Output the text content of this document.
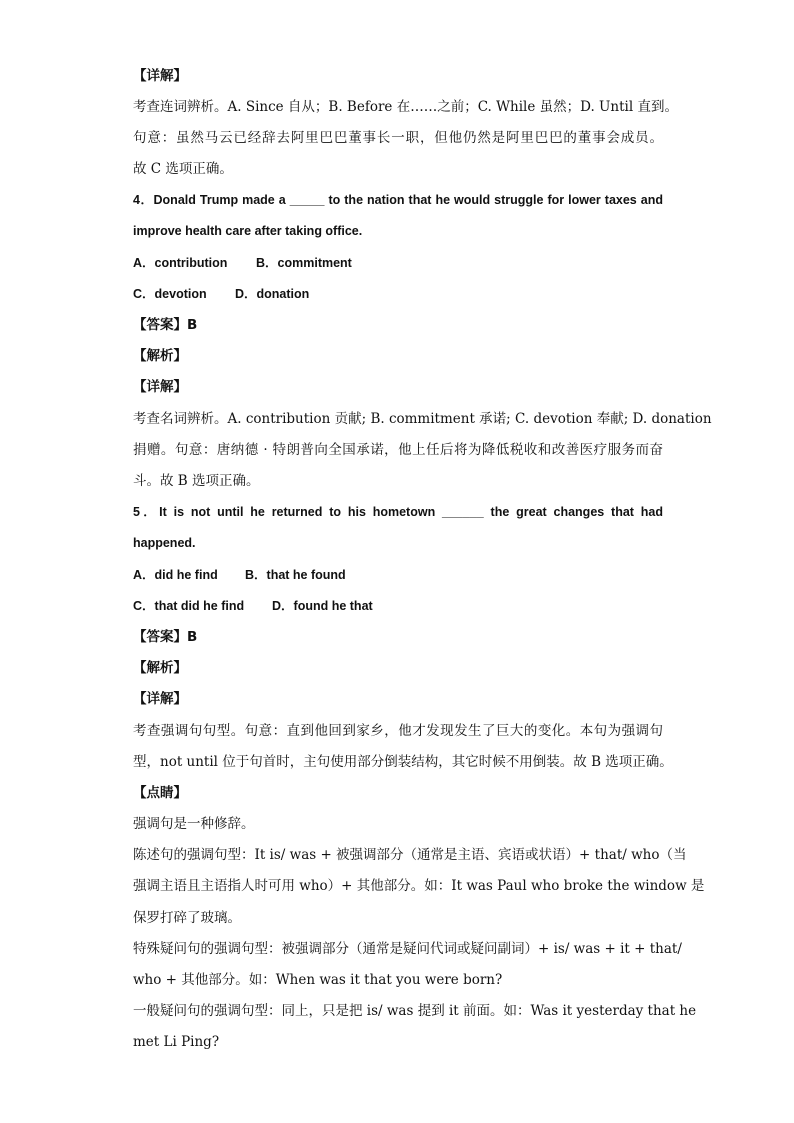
【详解】
考查连词辨析。A. Since 自从；B. Before 在……之前；C. While 虽然；D. Until 直到。
句意：虽然马云已经辞去阿里巴巴董事长一职，但他仍然是阿里巴巴的董事会成员。
故 C 选项正确。
4．Donald Trump made a _____ to the nation that he would struggle for lower taxes and
improve health care after taking office.
A．contribution B．commitment
C．devotion D．donation
【答案】B
【解析】
【详解】
考查名词辨析。A. contribution 贡献; B. commitment 承诺; C. devotion 奉献; D. donation
捐赠。句意：唐纳德 · 特朗普向全国承诺，他上任后将为降低税收和改善医疗服务而奋
斗。故 B 选项正确。
5．It is not until he returned to his hometown ______ the great changes that had
happened.
A．did he find B．that he found
C．that did he find D．found he that
【答案】B
【解析】
【详解】
考查强调句句型。句意：直到他回到家乡，他才发现发生了巨大的变化。本句为强调句
型，not until 位于句首时，主句使用部分倒装结构，其它时候不用倒装。故 B 选项正确。
【点睛】
强调句是一种修辞。
陈述句的强调句型：It is/ was + 被强调部分（通常是主语、宾语或状语）+ that/ who（当
强调主语且主语指人时可用 who）+ 其他部分。如：It was Paul who broke the window 是
保罗打碎了玻璃。
特殊疑问句的强调句型：被强调部分（通常是疑问代词或疑问副词）+ is/ was + it + that/
who + 其他部分。如：When was it that you were born?
一般疑问句的强调句型：同上，只是把 is/ was 提到 it 前面。如：Was it yesterday that he
met Li Ping?
